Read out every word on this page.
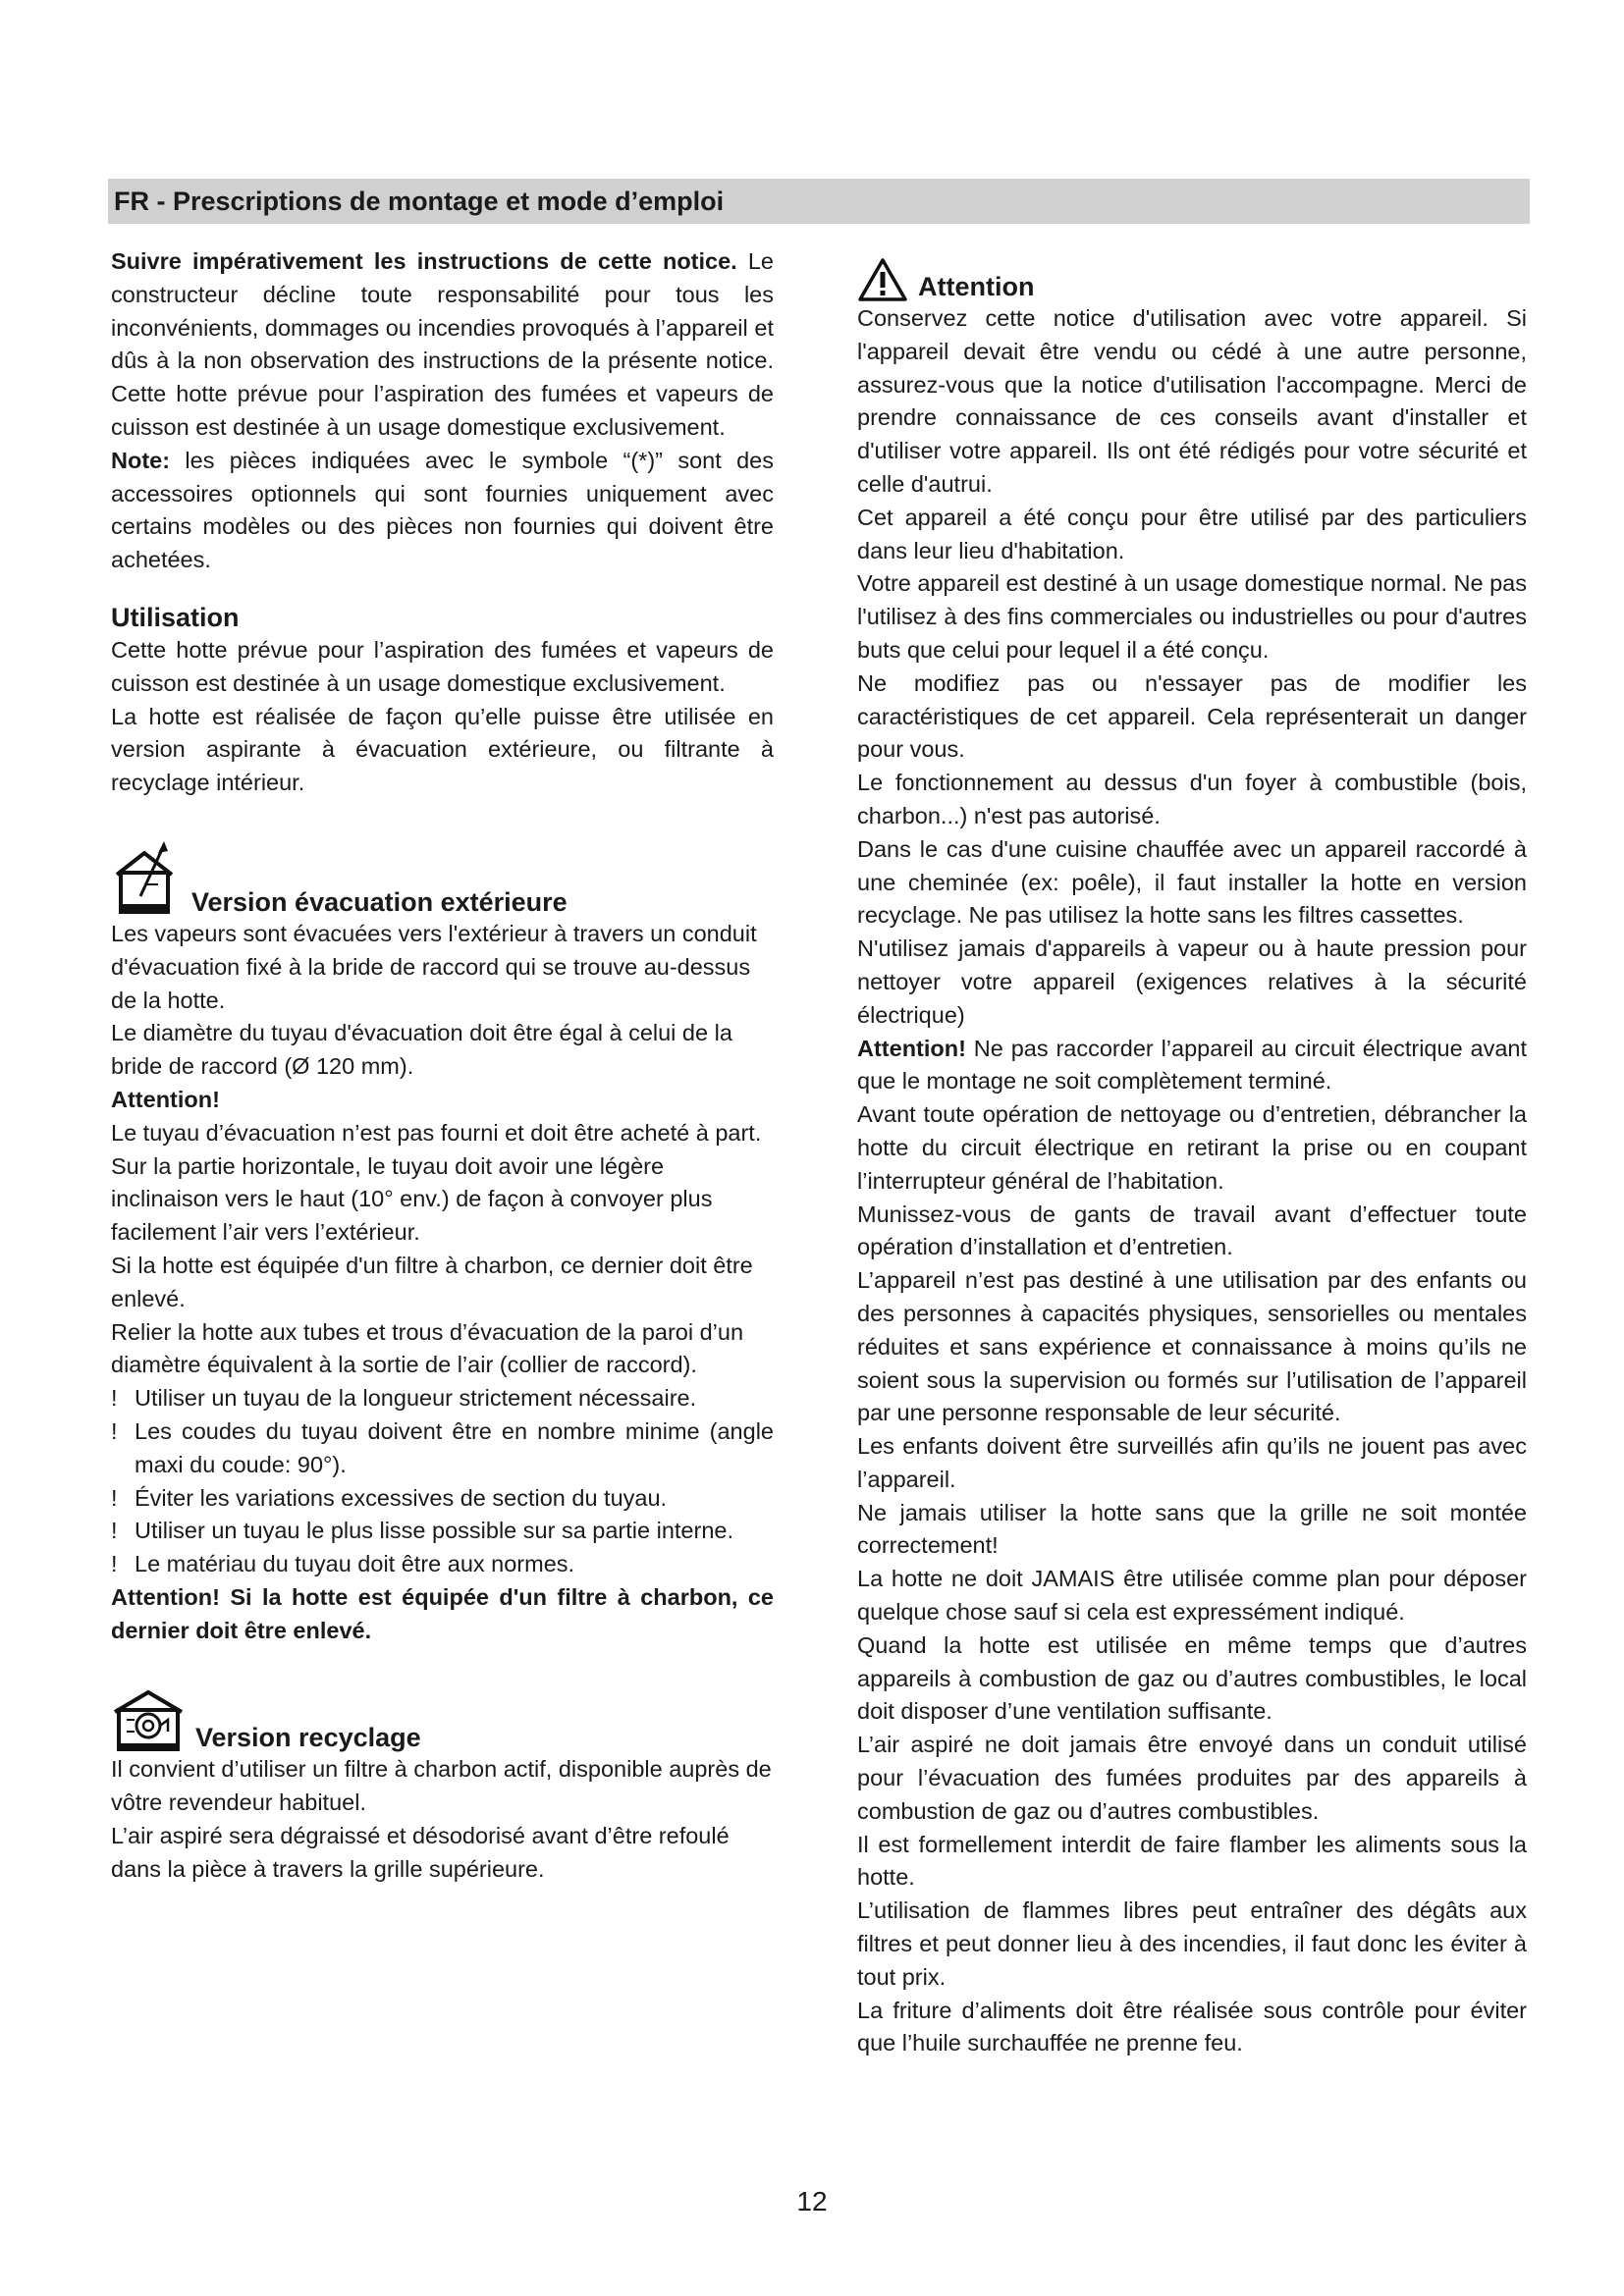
FR - Prescriptions de montage et mode d’emploi

Suivre impérativement les instructions de cette notice. Le constructeur décline toute responsabilité pour tous les inconvénients, dommages ou incendies provoqués à l’appareil et dûs à la non observation des instructions de la présente notice. Cette hotte prévue pour l’aspiration des fumées et vapeurs de cuisson est destinée à un usage domestique exclusivement.

Note: les pièces indiquées avec le symbole “(*)” sont des accessoires optionnels qui sont fournies uniquement avec certains modèles ou des pièces non fournies qui doivent être achetées.

Utilisation

Cette hotte prévue pour l’aspiration des fumées et vapeurs de cuisson est destinée à un usage domestique exclusivement.

La hotte est réalisée de façon qu’elle puisse être utilisée en version aspirante à évacuation extérieure, ou filtrante à recyclage intérieur.

Version évacuation extérieure

Les vapeurs sont évacuées vers l'extérieur à travers un conduit d'évacuation fixé à la bride de raccord qui se trouve au-dessus de la hotte.

Le diamètre du tuyau d'évacuation doit être égal à celui de la bride de raccord (Ø 120 mm).

Attention!

Le tuyau d’évacuation n’est pas fourni et doit être acheté à part.

Sur la partie horizontale, le tuyau doit avoir une légère inclinaison vers le haut (10° env.) de façon à convoyer plus facilement l’air vers l’extérieur.

Si la hotte est équipée d'un filtre à charbon, ce dernier doit être enlevé.

Relier la hotte aux tubes et trous d’évacuation de la paroi d’un diamètre équivalent à la sortie de l’air (collier de raccord).

! Utiliser un tuyau de la longueur strictement nécessaire.
! Les coudes du tuyau doivent être en nombre minime (angle maxi du coude: 90°).
! Éviter les variations excessives de section du tuyau.
! Utiliser un tuyau le plus lisse possible sur sa partie interne.
! Le matériau du tuyau doit être aux normes.

Attention! Si la hotte est équipée d'un filtre à charbon, ce dernier doit être enlevé.

Version recyclage

Il convient d’utiliser un filtre à charbon actif, disponible auprès de vôtre revendeur habituel.

L’air aspiré sera dégraissé et désodorisé avant d’être refoulé dans la pièce à travers la grille supérieure.

Attention

Conservez cette notice d'utilisation avec votre appareil. Si l'appareil devait être vendu ou cédé à une autre personne, assurez-vous que la notice d'utilisation l'accompagne. Merci de prendre connaissance de ces conseils avant d'installer et d'utiliser votre appareil. Ils ont été rédigés pour votre sécurité et celle d'autrui.

Cet appareil a été conçu pour être utilisé par des particuliers dans leur lieu d'habitation.

Votre appareil est destiné à un usage domestique normal. Ne pas l'utilisez à des fins commerciales ou industrielles ou pour d'autres buts que celui pour lequel il a été conçu.

Ne modifiez pas ou n'essayer pas de modifier les caractéristiques de cet appareil. Cela représenterait un danger pour vous.

Le fonctionnement au dessus d'un foyer à combustible (bois, charbon...) n'est pas autorisé.

Dans le cas d'une cuisine chauffée avec un appareil raccordé à une cheminée (ex: poêle), il faut installer la hotte en version recyclage. Ne pas utilisez la hotte sans les filtres cassettes.

N'utilisez jamais d'appareils à vapeur ou à haute pression pour nettoyer votre appareil (exigences relatives à la sécurité électrique)

Attention! Ne pas raccorder l’appareil au circuit électrique avant que le montage ne soit complètement terminé.

Avant toute opération de nettoyage ou d’entretien, débrancher la hotte du circuit électrique en retirant la prise ou en coupant l’interrupteur général de l’habitation.

Munissez-vous de gants de travail avant d’effectuer toute opération d’installation et d’entretien.

L’appareil n’est pas destiné à une utilisation par des enfants ou des personnes à capacités physiques, sensorielles ou mentales réduites et sans expérience et connaissance à moins qu’ils ne soient sous la supervision ou formés sur l’utilisation de l’appareil par une personne responsable de leur sécurité.

Les enfants doivent être surveillés afin qu’ils ne jouent pas avec l’appareil.

Ne jamais utiliser la hotte sans que la grille ne soit montée correctement!

La hotte ne doit JAMAIS être utilisée comme plan pour déposer quelque chose sauf si cela est expressément indiqué.

Quand la hotte est utilisée en même temps que d’autres appareils à combustion de gaz ou d’autres combustibles, le local doit disposer d’une ventilation suffisante.

L’air aspiré ne doit jamais être envoyé dans un conduit utilisé pour l’évacuation des fumées produites par des appareils à combustion de gaz ou d’autres combustibles.

Il est formellement interdit de faire flamber les aliments sous la hotte.

L’utilisation de flammes libres peut entraîner des dégâts aux filtres et peut donner lieu à des incendies, il faut donc les éviter à tout prix.

La friture d’aliments doit être réalisée sous contrôle pour éviter que l’huile surchauffée ne prenne feu.

12
